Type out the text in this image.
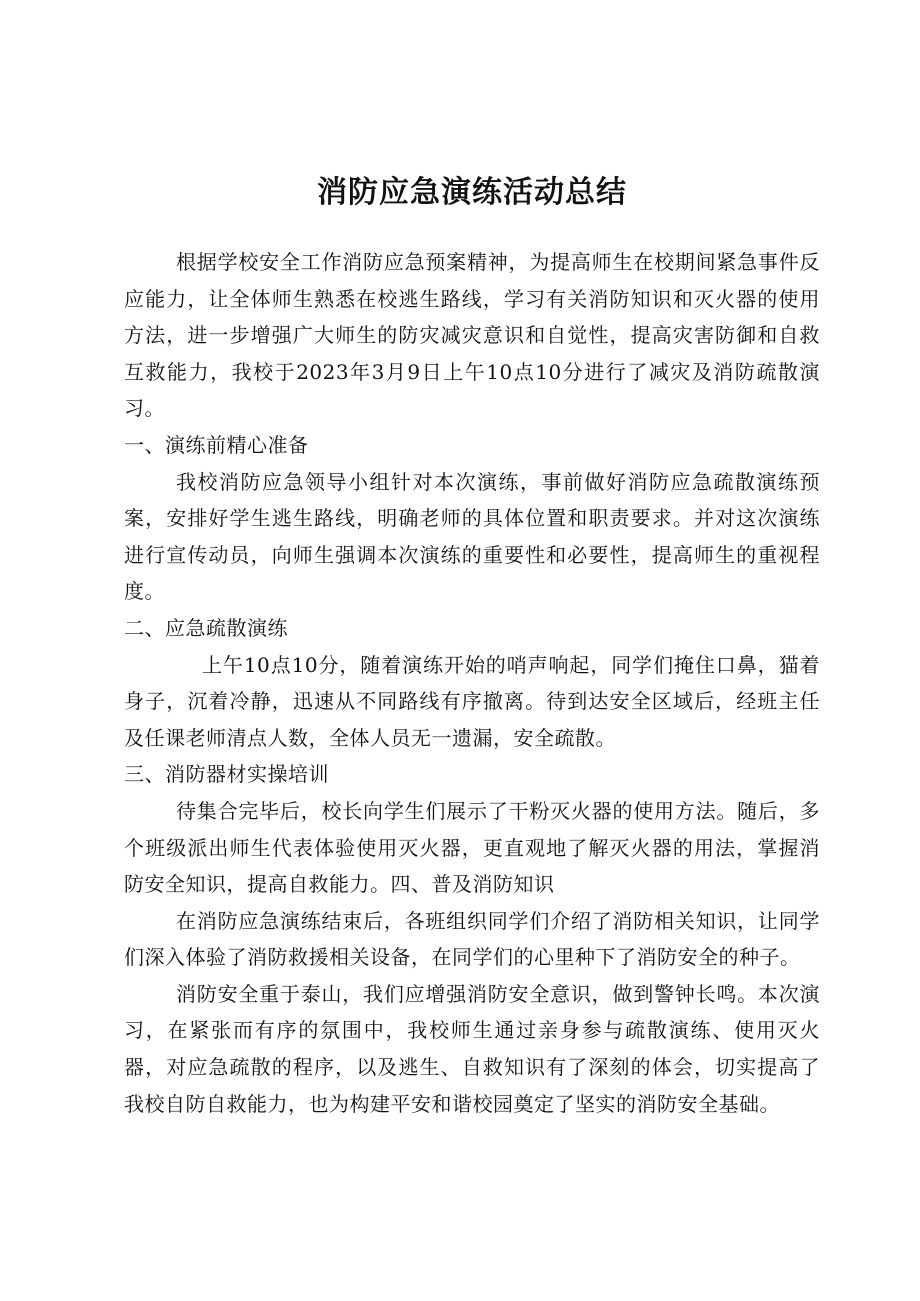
消防应急演练活动总结

根据学校安全工作消防应急预案精神，为提高师生在校期间紧急事件反应能力，让全体师生熟悉在校逃生路线，学习有关消防知识和灭火器的使用方法，进一步增强广大师生的防灾减灾意识和自觉性，提高灾害防御和自救互救能力，我校于2023年3月9日上午10点10分进行了减灾及消防疏散演习。

一、演练前精心准备

我校消防应急领导小组针对本次演练，事前做好消防应急疏散演练预案，安排好学生逃生路线，明确老师的具体位置和职责要求。并对这次演练进行宣传动员，向师生强调本次演练的重要性和必要性，提高师生的重视程度。

二、应急疏散演练

上午10点10分，随着演练开始的哨声响起，同学们掩住口鼻，猫着身子，沉着冷静，迅速从不同路线有序撤离。待到达安全区域后，经班主任及任课老师清点人数，全体人员无一遗漏，安全疏散。

三、消防器材实操培训

待集合完毕后，校长向学生们展示了干粉灭火器的使用方法。随后，多个班级派出师生代表体验使用灭火器，更直观地了解灭火器的用法，掌握消防安全知识，提高自救能力。四、普及消防知识

在消防应急演练结束后，各班组织同学们介绍了消防相关知识，让同学们深入体验了消防救援相关设备，在同学们的心里种下了消防安全的种子。

消防安全重于泰山，我们应增强消防安全意识，做到警钟长鸣。本次演习，在紧张而有序的氛围中，我校师生通过亲身参与疏散演练、使用灭火器，对应急疏散的程序，以及逃生、自救知识有了深刻的体会，切实提高了我校自防自救能力，也为构建平安和谐校园奠定了坚实的消防安全基础。
